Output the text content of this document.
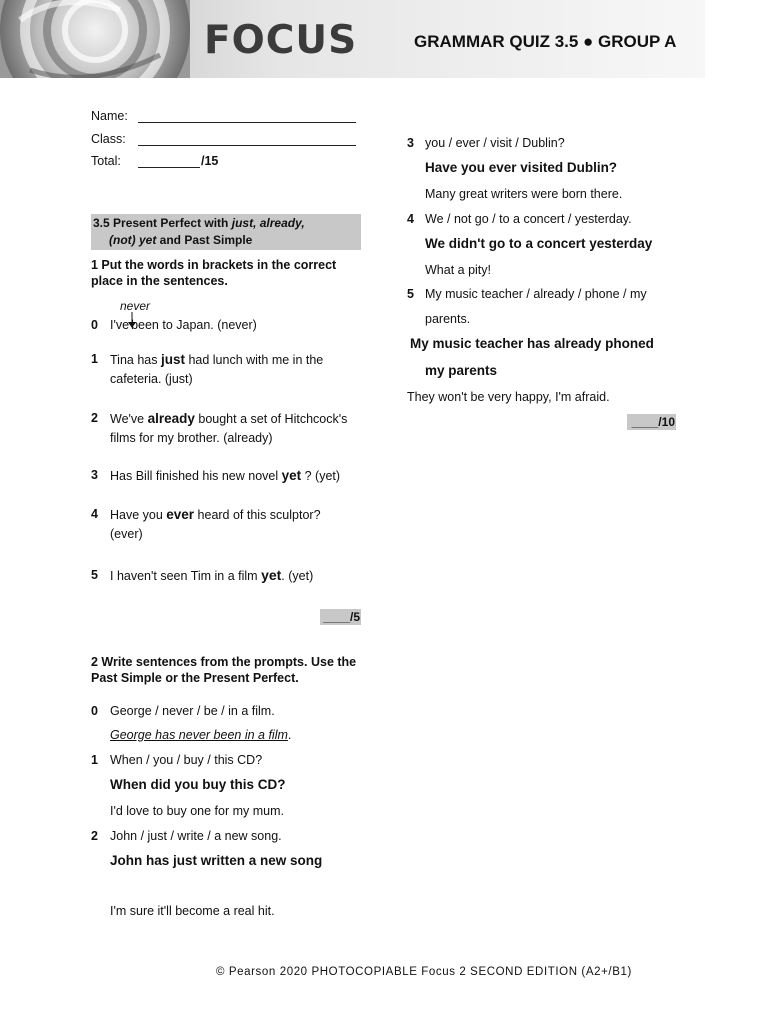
FOCUS	GRAMMAR QUIZ 3.5 ● GROUP A
Name:
Class:
Total:	/15
3.5 Present Perfect with just, already,
(not) yet and Past Simple
1 Put the words in brackets in the correct place in the sentences.
never
0 I've been to Japan. (never)
1 Tina has just had lunch with me in the
cafeteria. (just)
2 We've already bought a set of Hitchcock's
films for my brother. (already)
3 Has Bill finished his new novel yet ? (yet)
4 Have you ever heard of this sculptor?
(ever)
5 I haven't seen Tim in a film yet. (yet)
____/5
2 Write sentences from the prompts. Use the Past Simple or the Present Perfect.
0 George / never / be / in a film.
George has never been in a film.
1 When / you / buy / this CD?
When did you buy this CD?
I'd love to buy one for my mum.
2 John / just / write / a new song.
John has just written a new song
I'm sure it'll become a real hit.
3 you / ever / visit / Dublin?
Have you ever visited Dublin?
Many great writers were born there.
4 We / not go / to a concert / yesterday.
We didn't go to a concert yesterday
What a pity!
5 My music teacher / already / phone / my
parents.
My music teacher has already phoned
my parents
They won't be very happy, I'm afraid.
____/10
© Pearson 2020 PHOTOCOPIABLE Focus 2 SECOND EDITION (A2+/B1)
